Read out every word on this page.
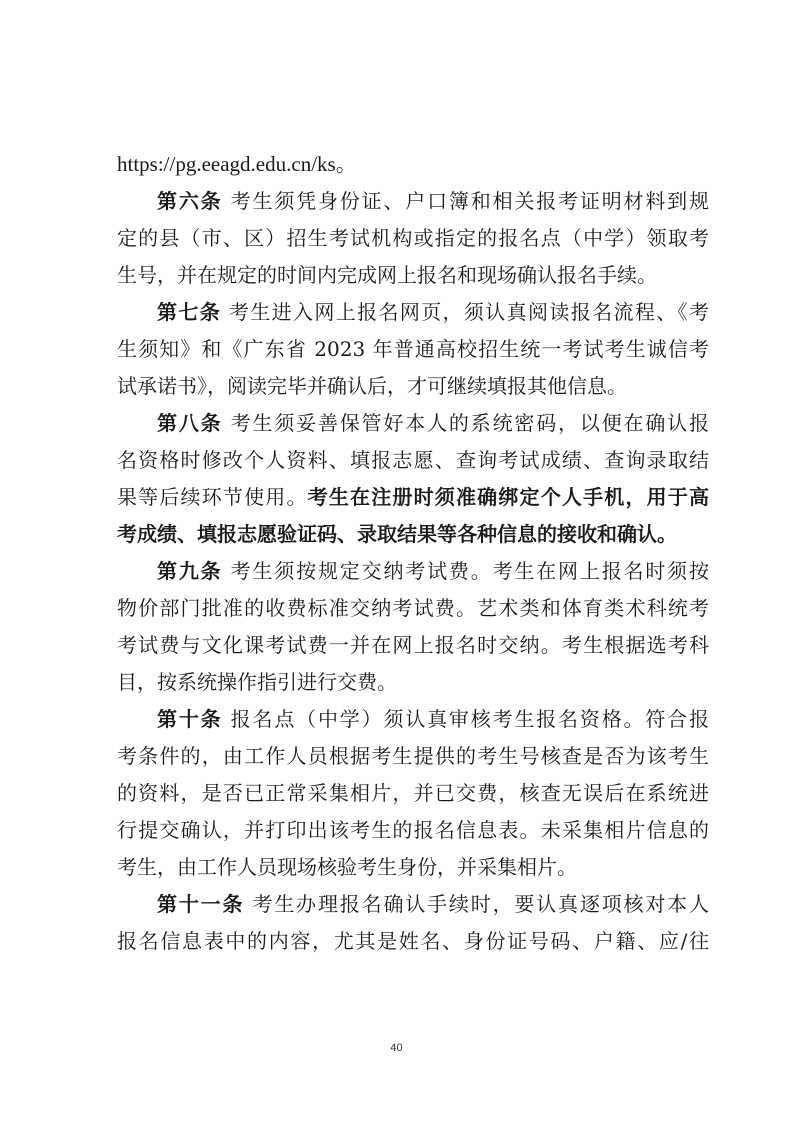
https://pg.eeagd.edu.cn/ks。
第六条 考生须凭身份证、户口簿和相关报考证明材料到规
定的县（市、区）招生考试机构或指定的报名点（中学）领取考
生号，并在规定的时间内完成网上报名和现场确认报名手续。
第七条 考生进入网上报名网页，须认真阅读报名流程、《考
生须知》和《广东省 2023 年普通高校招生统一考试考生诚信考
试承诺书》，阅读完毕并确认后，才可继续填报其他信息。
第八条 考生须妥善保管好本人的系统密码，以便在确认报
名资格时修改个人资料、填报志愿、查询考试成绩、查询录取结
果等后续环节使用。考生在注册时须准确绑定个人手机，用于高
考成绩、填报志愿验证码、录取结果等各种信息的接收和确认。
第九条 考生须按规定交纳考试费。考生在网上报名时须按
物价部门批准的收费标准交纳考试费。艺术类和体育类术科统考
考试费与文化课考试费一并在网上报名时交纳。考生根据选考科
目，按系统操作指引进行交费。
第十条 报名点（中学）须认真审核考生报名资格。符合报
考条件的，由工作人员根据考生提供的考生号核查是否为该考生
的资料，是否已正常采集相片，并已交费，核查无误后在系统进
行提交确认，并打印出该考生的报名信息表。未采集相片信息的
考生，由工作人员现场核验考生身份，并采集相片。
第十一条 考生办理报名确认手续时，要认真逐项核对本人
报名信息表中的内容，尤其是姓名、身份证号码、户籍、应/往
40
